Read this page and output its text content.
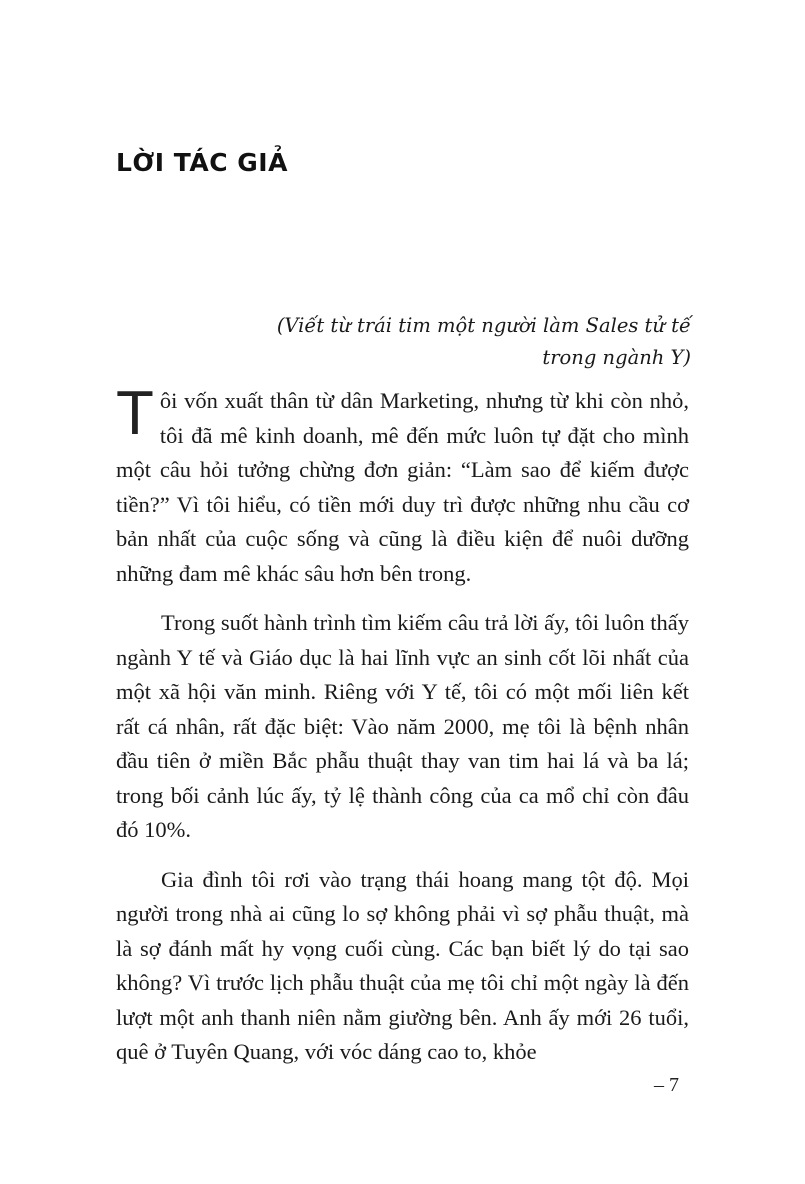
LỜI TÁC GIẢ
(Viết từ trái tim một người làm Sales tử tế
trong ngành Y)

Tôi vốn xuất thân từ dân Marketing, nhưng từ khi còn nhỏ, tôi đã mê kinh doanh, mê đến mức luôn tự đặt cho mình một câu hỏi tưởng chừng đơn giản: “Làm sao để kiếm được tiền?” Vì tôi hiểu, có tiền mới duy trì được những nhu cầu cơ bản nhất của cuộc sống và cũng là điều kiện để nuôi dưỡng những đam mê khác sâu hơn bên trong.

Trong suốt hành trình tìm kiếm câu trả lời ấy, tôi luôn thấy ngành Y tế và Giáo dục là hai lĩnh vực an sinh cốt lõi nhất của một xã hội văn minh. Riêng với Y tế, tôi có một mối liên kết rất cá nhân, rất đặc biệt: Vào năm 2000, mẹ tôi là bệnh nhân đầu tiên ở miền Bắc phẫu thuật thay van tim hai lá và ba lá; trong bối cảnh lúc ấy, tỷ lệ thành công của ca mổ chỉ còn đâu đó 10%.

Gia đình tôi rơi vào trạng thái hoang mang tột độ. Mọi người trong nhà ai cũng lo sợ không phải vì sợ phẫu thuật, mà là sợ đánh mất hy vọng cuối cùng. Các bạn biết lý do tại sao không? Vì trước lịch phẫu thuật của mẹ tôi chỉ một ngày là đến lượt một anh thanh niên nằm giường bên. Anh ấy mới 26 tuổi, quê ở Tuyên Quang, với vóc dáng cao to, khỏe

– 7
